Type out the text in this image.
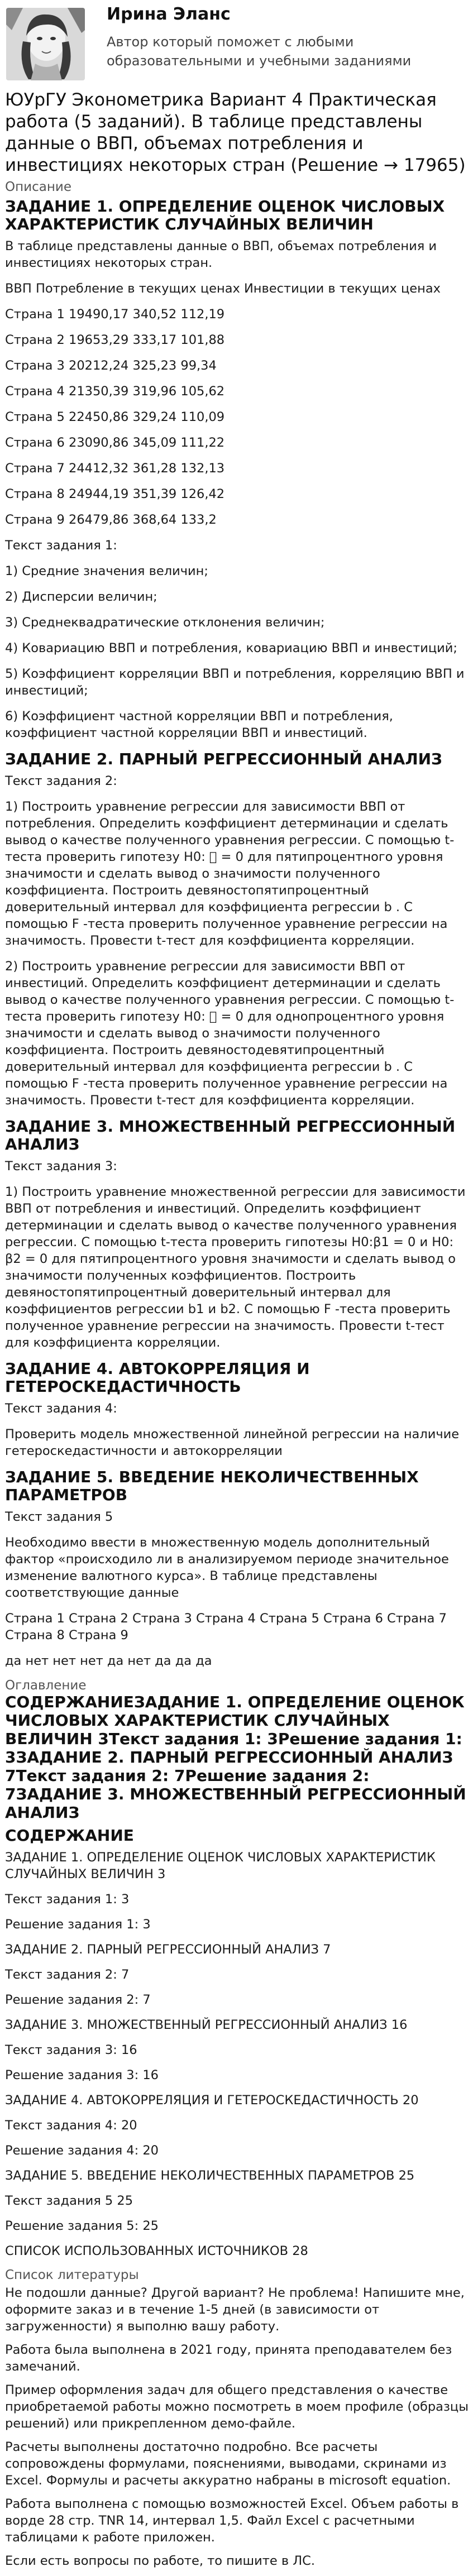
Ирина Эланс
Автор который поможет с любыми образовательными и учебными заданиями
ЮУрГУ Эконометрика Вариант 4 Практическая работа (5 заданий). В таблице представлены данные о ВВП, объемах потребления и инвестициях некоторых стран (Решение → 17965)
Описание
ЗАДАНИЕ 1. ОПРЕДЕЛЕНИЕ ОЦЕНОК ЧИСЛОВЫХ ХАРАКТЕРИСТИК СЛУЧАЙНЫХ ВЕЛИЧИН

В таблице представлены данные о ВВП, объемах потребления и инвестициях некоторых стран.

ВВП Потребление в текущих ценах Инвестиции в текущих ценах

Страна 1 19490,17 340,52 112,19

Страна 2 19653,29 333,17 101,88

Страна 3 20212,24 325,23 99,34

Страна 4 21350,39 319,96 105,62

Страна 5 22450,86 329,24 110,09

Страна 6 23090,86 345,09 111,22

Страна 7 24412,32 361,28 132,13

Страна 8 24944,19 351,39 126,42

Страна 9 26479,86 368,64 133,2

Текст задания 1:

1) Средние значения величин;

2) Дисперсии величин;

3) Среднеквадратические отклонения величин;

4) Ковариацию ВВП и потребления, ковариацию ВВП и инвестиций;

5) Коэффициент корреляции ВВП и потребления, корреляцию ВВП и инвестиций;

6) Коэффициент частной корреляции ВВП и потребления, коэффициент частной корреляции ВВП и инвестиций.

ЗАДАНИЕ 2. ПАРНЫЙ РЕГРЕССИОННЫЙ АНАЛИЗ

Текст задания 2:

1) Построить уравнение регрессии для зависимости ВВП от потребления. Определить коэффициент детерминации и сделать вывод о качестве полученного уравнения регрессии. С помощью t-теста проверить гипотезу H0:   = 0 для пятипроцентного уровня значимости и сделать вывод о значимости полученного коэффициента. Построить девяностопятипроцентный доверительный интервал для коэффициента регрессии b . С помощью F -теста проверить полученное уравнение регрессии на значимость. Провести t-тест для коэффициента корреляции.

2) Построить уравнение регрессии для зависимости ВВП от инвестиций. Определить коэффициент детерминации и сделать вывод о качестве полученного уравнения регрессии. С помощью t-теста проверить гипотезу H0:   = 0 для однопроцентного уровня значимости и сделать вывод о значимости полученного коэффициента. Построить девяностодевятипроцентный доверительный интервал для коэффициента регрессии b . С помощью F -теста проверить полученное уравнение регрессии на значимость. Провести t-тест для коэффициента корреляции.

ЗАДАНИЕ 3. МНОЖЕСТВЕННЫЙ РЕГРЕССИОННЫЙ АНАЛИЗ

Текст задания 3:

1) Построить уравнение множественной регрессии для зависимости ВВП от потребления и инвестиций. Определить коэффициент детерминации и сделать вывод о качестве полученного уравнения регрессии. С помощью t-теста проверить гипотезы H0:β1 = 0 и H0: β2 = 0 для пятипроцентного уровня значимости и сделать вывод о значимости полученных коэффициентов. Построить девяностопятипроцентный доверительный интервал для коэффициентов регрессии b1 и b2. С помощью F -теста проверить полученное уравнение регрессии на значимость. Провести t-тест для коэффициента корреляции.

ЗАДАНИЕ 4. АВТОКОРРЕЛЯЦИЯ И ГЕТЕРОСКЕДАСТИЧНОСТЬ

Текст задания 4:

Проверить модель множественной линейной регрессии на наличие гетероскедастичности и автокорреляции

ЗАДАНИЕ 5. ВВЕДЕНИЕ НЕКОЛИЧЕСТВЕННЫХ ПАРАМЕТРОВ

Текст задания 5

Необходимо ввести в множественную модель дополнительный фактор «происходило ли в анализируемом периоде значительное изменение валютного курса». В таблице представлены соответствующие данные

Страна 1 Страна 2 Страна 3 Страна 4 Страна 5 Страна 6 Страна 7 Страна 8 Страна 9

да нет нет нет да нет да да да

Оглавление
СОДЕРЖАНИЕЗАДАНИЕ 1. ОПРЕДЕЛЕНИЕ ОЦЕНОК ЧИСЛОВЫХ ХАРАКТЕРИСТИК СЛУЧАЙНЫХ ВЕЛИЧИН 3Текст задания 1: 3Решение задания 1: 3ЗАДАНИЕ 2. ПАРНЫЙ РЕГРЕССИОННЫЙ АНАЛИЗ 7Текст задания 2: 7Решение задания 2: 7ЗАДАНИЕ 3. МНОЖЕСТВЕННЫЙ РЕГРЕССИОННЫЙ АНАЛИЗ
СОДЕРЖАНИЕ

ЗАДАНИЕ 1. ОПРЕДЕЛЕНИЕ ОЦЕНОК ЧИСЛОВЫХ ХАРАКТЕРИСТИК СЛУЧАЙНЫХ ВЕЛИЧИН 3

Текст задания 1: 3

Решение задания 1: 3

ЗАДАНИЕ 2. ПАРНЫЙ РЕГРЕССИОННЫЙ АНАЛИЗ 7

Текст задания 2: 7

Решение задания 2: 7

ЗАДАНИЕ 3. МНОЖЕСТВЕННЫЙ РЕГРЕССИОННЫЙ АНАЛИЗ 16

Текст задания 3: 16

Решение задания 3: 16

ЗАДАНИЕ 4. АВТОКОРРЕЛЯЦИЯ И ГЕТЕРОСКЕДАСТИЧНОСТЬ 20

Текст задания 4: 20

Решение задания 4: 20

ЗАДАНИЕ 5. ВВЕДЕНИЕ НЕКОЛИЧЕСТВЕННЫХ ПАРАМЕТРОВ 25

Текст задания 5 25

Решение задания 5: 25

СПИСОК ИСПОЛЬЗОВАННЫХ ИСТОЧНИКОВ 28

Список литературы

Не подошли данные? Другой вариант? Не проблема! Напишите мне, оформите заказ и в течение 1-5 дней (в зависимости от загруженности) я выполню вашу работу.

Работа была выполнена в 2021 году, принята преподавателем без замечаний.

Пример оформления задач для общего представления о качестве приобретаемой работы можно посмотреть в моем профиле (образцы решений) или прикрепленном демо-файле.

Расчеты выполнены достаточно подробно. Все расчеты сопровождены формулами, пояснениями, выводами, скринами из Excel. Формулы и расчеты аккуратно набраны в microsoft equation.

Работа выполнена с помощью возможностей Excel. Объем работы в ворде 28 стр. TNR 14, интервал 1,5. Файл Excel с расчетными таблицами к работе приложен.

Если есть вопросы по работе, то пишите в ЛС.
